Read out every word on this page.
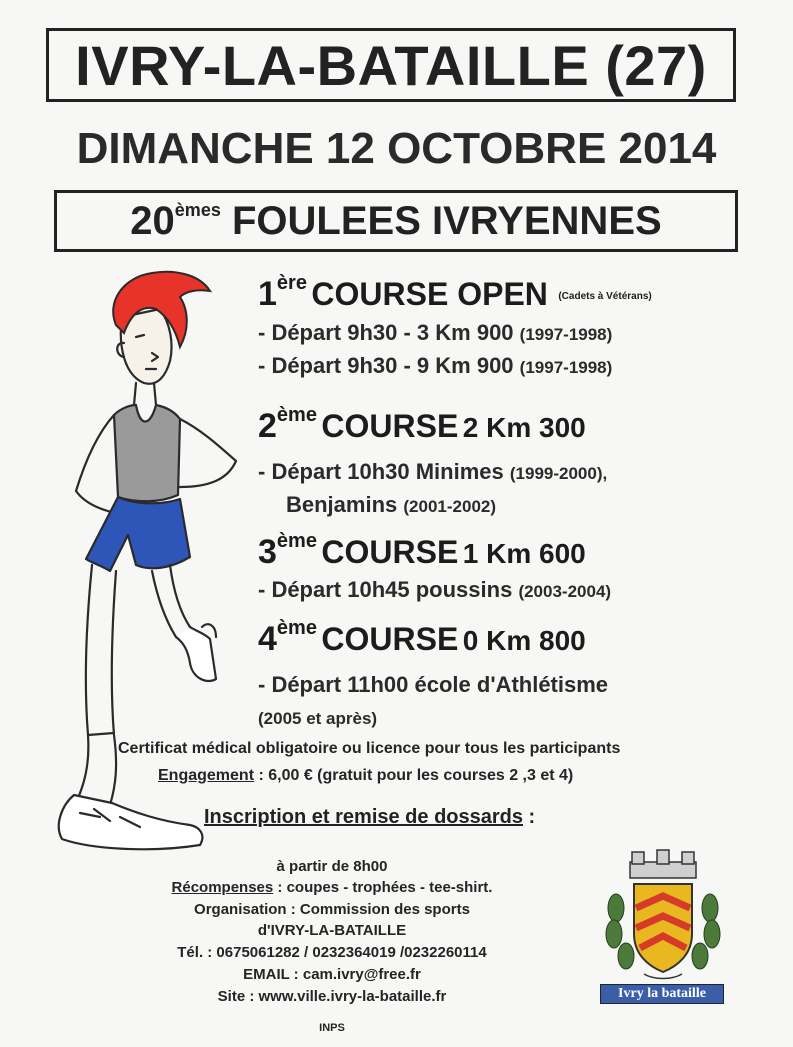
IVRY-LA-BATAILLE (27)
DIMANCHE 12 OCTOBRE 2014
20èmes FOULEES IVRYENNES
1ère COURSE OPEN $^{(Cadets à Vétérans)}$
- Départ 9h30 - 3 Km 900 (1997-1998)
- Départ 9h30 - 9 Km 900 (1997-1998)
2ème COURSE 2 Km 300
- Départ 10h30 Minimes (1999-2000),
Benjamins (2001-2002)
3ème COURSE 1 Km 600
- Départ 10h45 poussins (2003-2004)
4ème COURSE 0 Km 800
- Départ 11h00 école d'Athlétisme
(2005 et après)
Certificat médical obligatoire ou licence pour tous les participants
Engagement : 6,00 € (gratuit pour les courses 2 ,3 et 4)
Inscription et remise de dossards :
à partir de 8h00
Récompenses : coupes - trophées - tee-shirt.
Organisation : Commission des sports
d'IVRY-LA-BATAILLE
Tél. : 0675061282 / 0232364019 /0232260114
EMAIL : cam.ivry@free.fr
Site : www.ville.ivry-la-bataille.fr
INPS
Ivry la bataille
